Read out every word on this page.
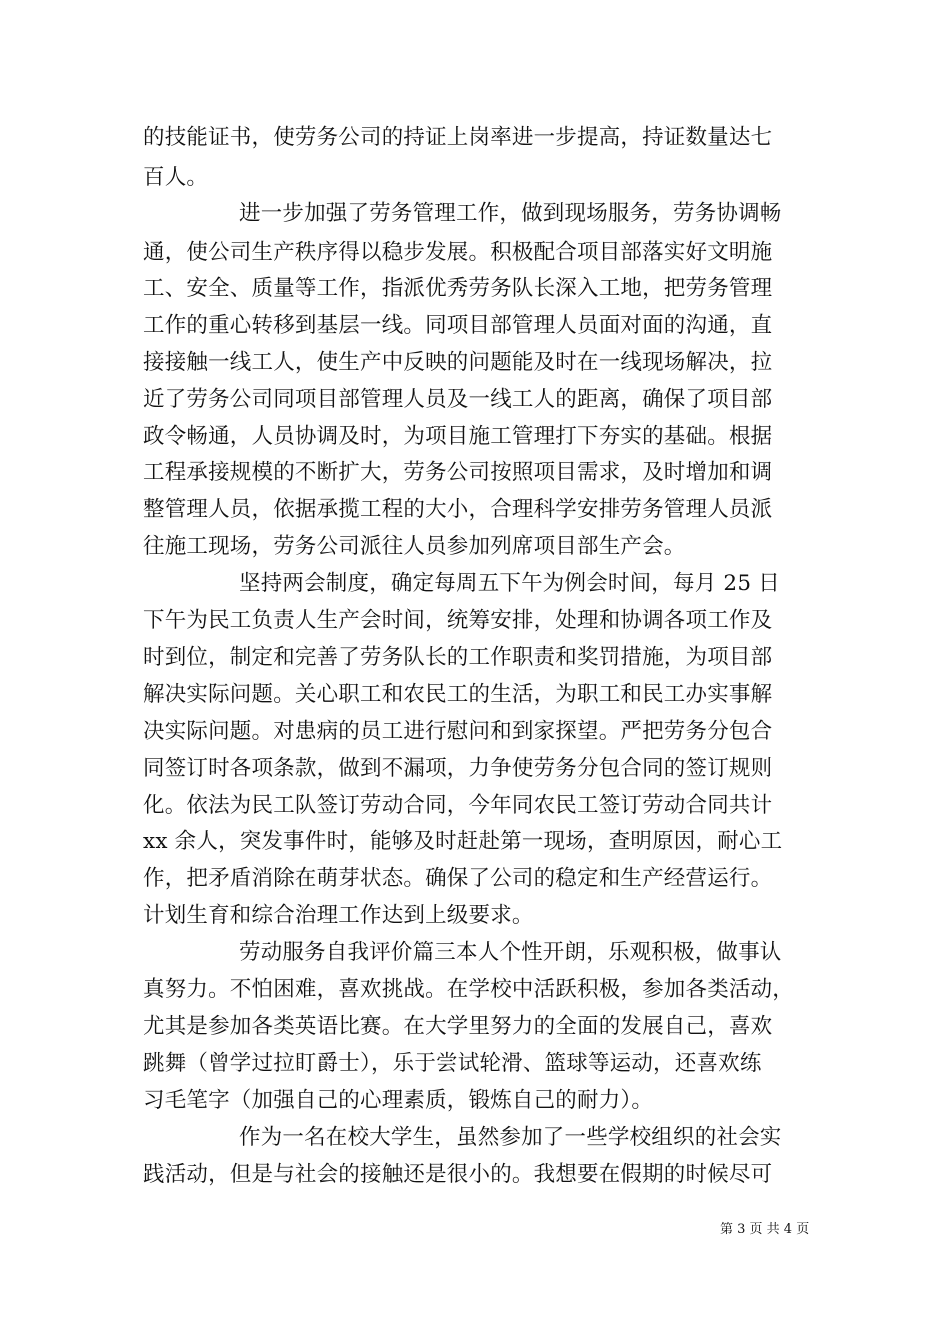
的技能证书，使劳务公司的持证上岗率进一步提高，持证数量达七
百人。
进一步加强了劳务管理工作，做到现场服务，劳务协调畅
通，使公司生产秩序得以稳步发展。积极配合项目部落实好文明施
工、安全、质量等工作，指派优秀劳务队长深入工地，把劳务管理
工作的重心转移到基层一线。同项目部管理人员面对面的沟通，直
接接触一线工人，使生产中反映的问题能及时在一线现场解决，拉
近了劳务公司同项目部管理人员及一线工人的距离，确保了项目部
政令畅通，人员协调及时，为项目施工管理打下夯实的基础。根据
工程承接规模的不断扩大，劳务公司按照项目需求，及时增加和调
整管理人员，依据承揽工程的大小，合理科学安排劳务管理人员派
往施工现场，劳务公司派往人员参加列席项目部生产会。
坚持两会制度，确定每周五下午为例会时间，每月 25 日
下午为民工负责人生产会时间，统筹安排，处理和协调各项工作及
时到位，制定和完善了劳务队长的工作职责和奖罚措施，为项目部
解决实际问题。关心职工和农民工的生活，为职工和民工办实事解
决实际问题。对患病的员工进行慰问和到家探望。严把劳务分包合
同签订时各项条款，做到不漏项，力争使劳务分包合同的签订规则
化。依法为民工队签订劳动合同，今年同农民工签订劳动合同共计
xx 余人，突发事件时，能够及时赶赴第一现场，查明原因，耐心工
作，把矛盾消除在萌芽状态。确保了公司的稳定和生产经营运行。
计划生育和综合治理工作达到上级要求。
劳动服务自我评价篇三本人个性开朗，乐观积极，做事认
真努力。不怕困难，喜欢挑战。在学校中活跃积极，参加各类活动，
尤其是参加各类英语比赛。在大学里努力的全面的发展自己，喜欢
跳舞（曾学过拉盯爵士），乐于尝试轮滑、篮球等运动，还喜欢练
习毛笔字（加强自己的心理素质，锻炼自己的耐力）。
作为一名在校大学生，虽然参加了一些学校组织的社会实
践活动，但是与社会的接触还是很小的。我想要在假期的时候尽可
第 3 页 共 4 页
